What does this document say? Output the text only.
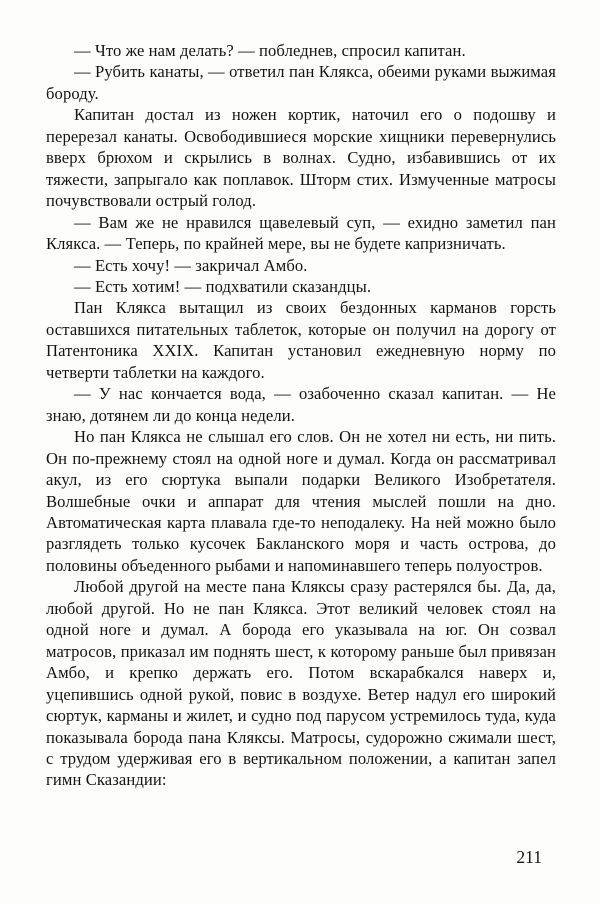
— Что же нам делать? — побледнев, спросил капитан.

— Рубить канаты, — ответил пан Клякса, обеими руками выжимая бороду.

Капитан достал из ножен кортик, наточил его о подошву и перерезал канаты. Освободившиеся морские хищники перевернулись вверх брюхом и скрылись в волнах. Судно, избавившись от их тяжести, запрыгало как поплавок. Шторм стих. Измученные матросы почувствовали острый голод.

— Вам же не нравился щавелевый суп, — ехидно заметил пан Клякса. — Теперь, по крайней мере, вы не будете капризничать.

— Есть хочу! — закричал Амбо.

— Есть хотим! — подхватили сказандцы.

Пан Клякса вытащил из своих бездонных карманов горсть оставшихся питательных таблеток, которые он получил на дорогу от Патентоника XXIX. Капитан установил ежедневную норму по четверти таблетки на каждого.

— У нас кончается вода, — озабоченно сказал капитан. — Не знаю, дотянем ли до конца недели.

Но пан Клякса не слышал его слов. Он не хотел ни есть, ни пить. Он по-прежнему стоял на одной ноге и думал. Когда он рассматривал акул, из его сюртука выпали подарки Великого Изобретателя. Волшебные очки и аппарат для чтения мыслей пошли на дно. Автоматическая карта плавала где-то неподалеку. На ней можно было разглядеть только кусочек Бакланского моря и часть острова, до половины объеденного рыбами и напоминавшего теперь полуостров.

Любой другой на месте пана Кляксы сразу растерялся бы. Да, да, любой другой. Но не пан Клякса. Этот великий человек стоял на одной ноге и думал. А борода его указывала на юг. Он созвал матросов, приказал им поднять шест, к которому раньше был привязан Амбо, и крепко держать его. Потом вскарабкался наверх и, уцепившись одной рукой, повис в воздухе. Ветер надул его широкий сюртук, карманы и жилет, и судно под парусом устремилось туда, куда показывала борода пана Кляксы. Матросы, судорожно сжимали шест, с трудом удерживая его в вертикальном положении, а капитан запел гимн Сказандии:

211
